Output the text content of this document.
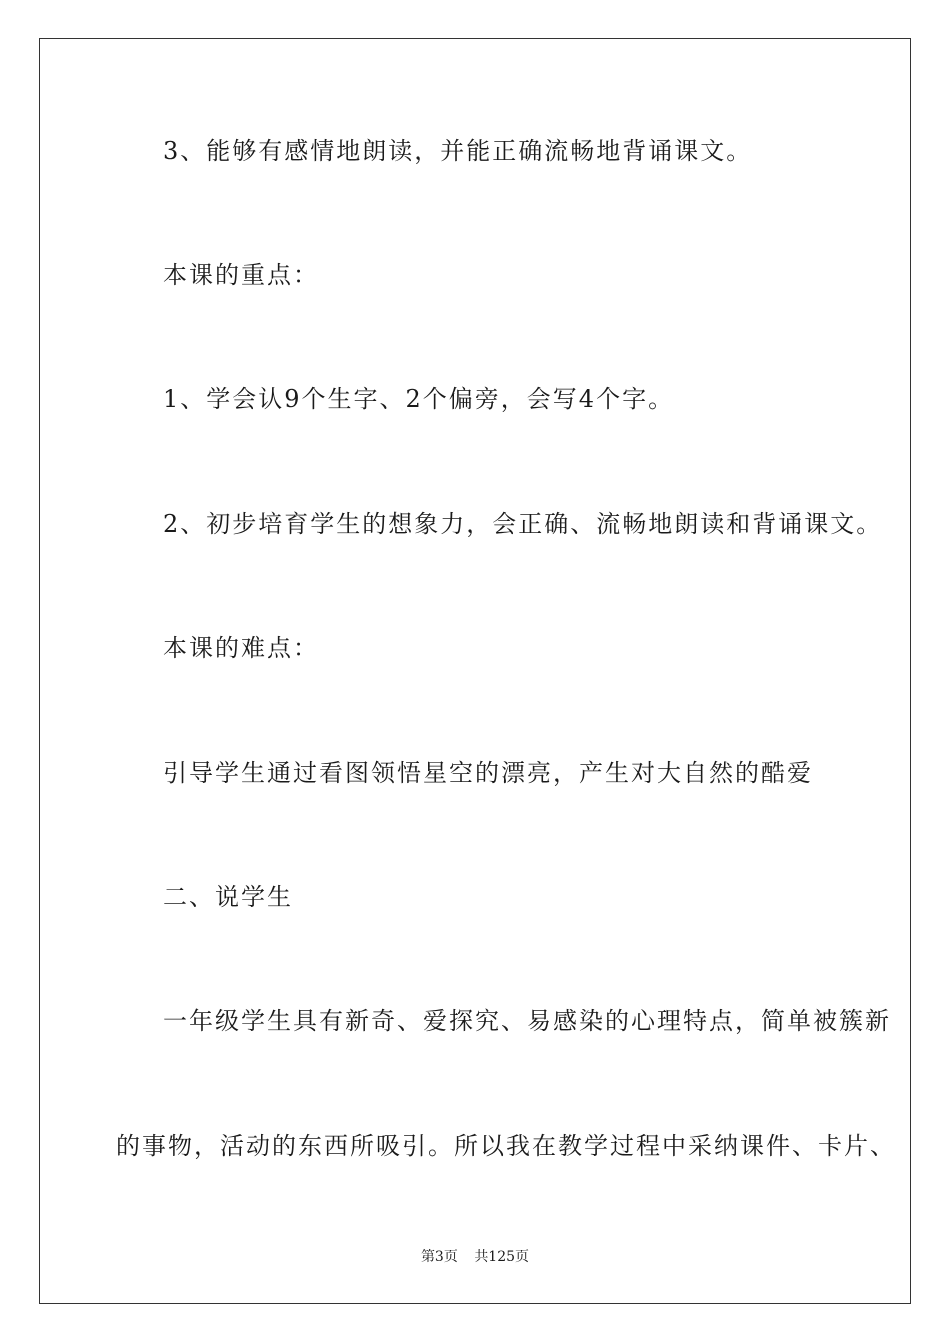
3、能够有感情地朗读，并能正确流畅地背诵课文。
本课的重点：
1、学会认9个生字、2个偏旁，会写4个字。
2、初步培育学生的想象力，会正确、流畅地朗读和背诵课文。
本课的难点：
引导学生通过看图领悟星空的漂亮，产生对大自然的酷爱
二、说学生
一年级学生具有新奇、爱探究、易感染的心理特点，简单被簇新
的事物，活动的东西所吸引。所以我在教学过程中采纳课件、卡片、
第3页 共125页
